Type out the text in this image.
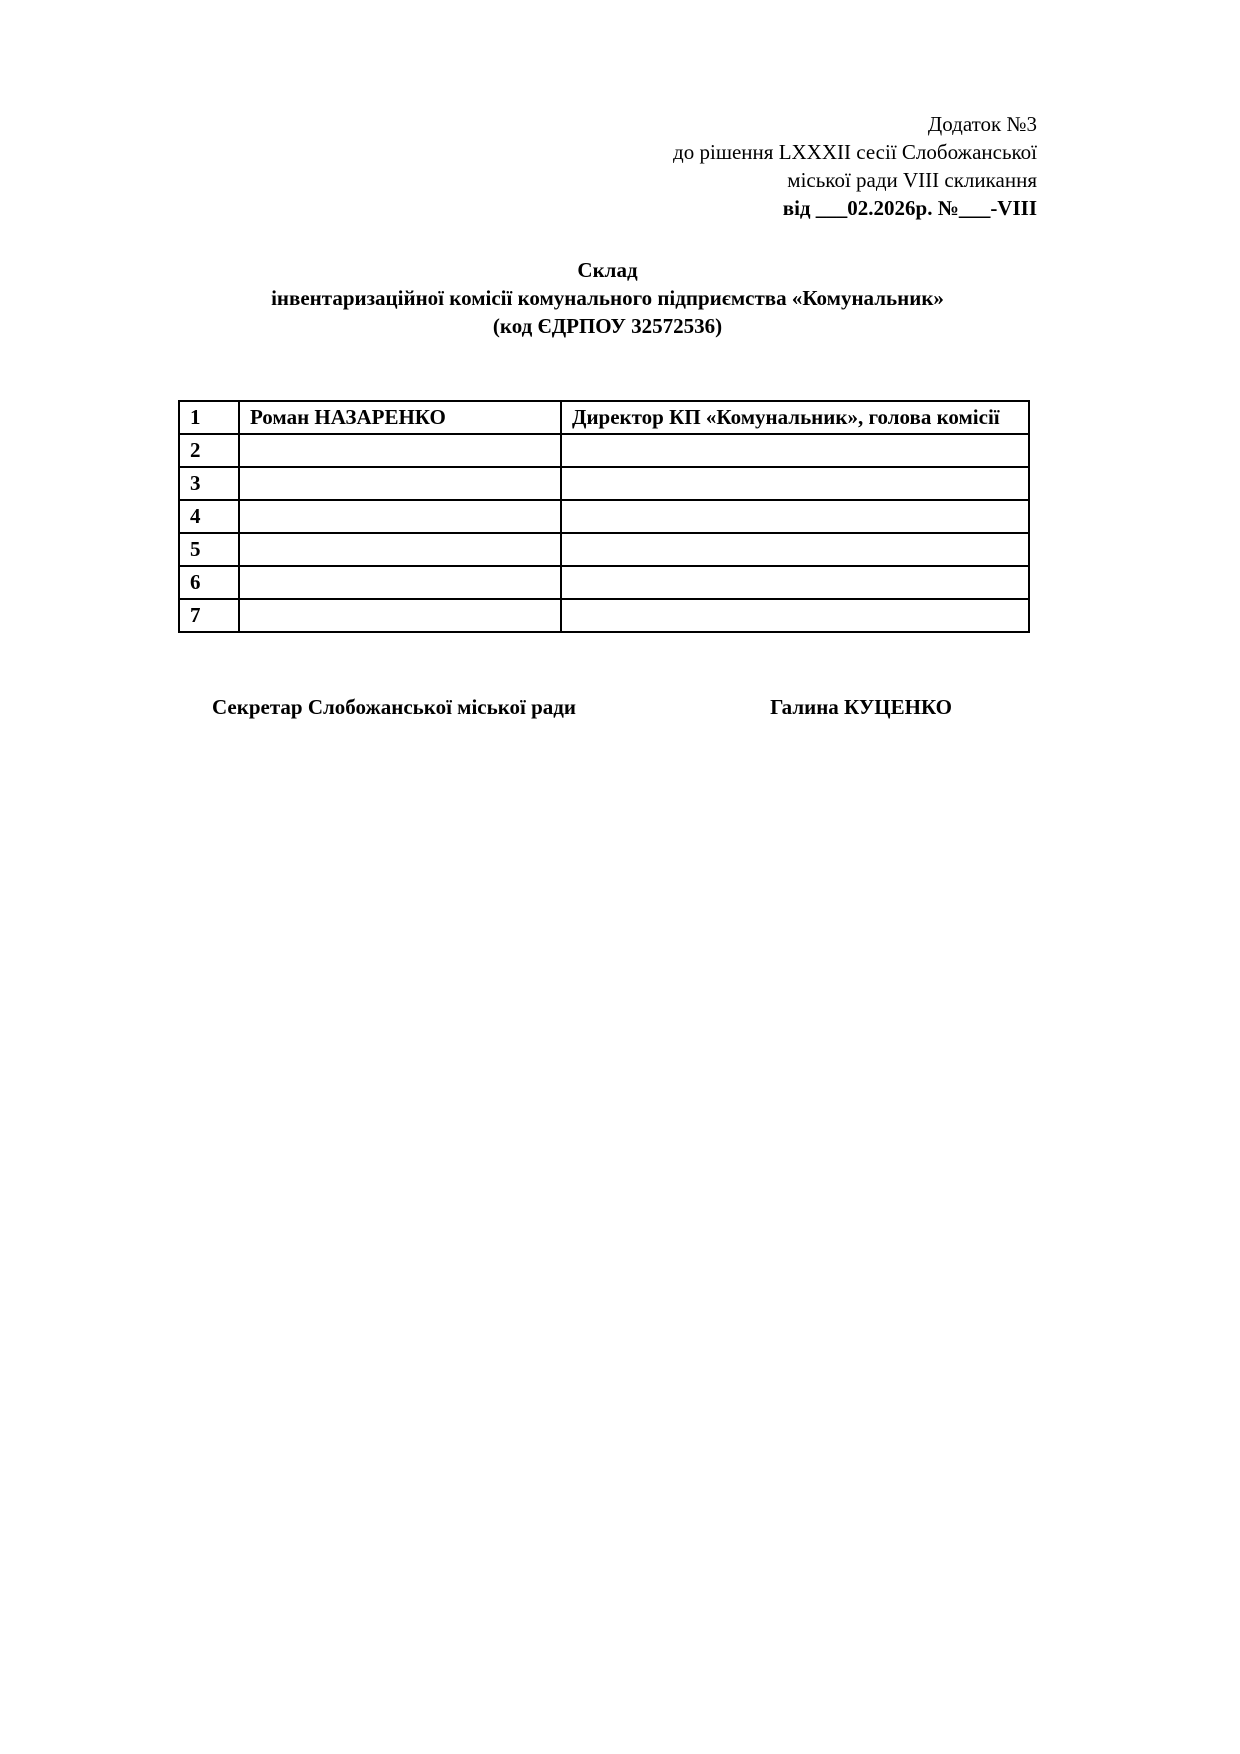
Додаток №3
до рішення LXXXII сесії Слобожанської
міської ради VIII скликання
від ___02.2026р. №___-VIII
Склад
інвентаризаційної комісії комунального підприємства «Комунальник»
(код ЄДРПОУ 32572536)
1	Роман НАЗАРЕНКО	Директор КП «Комунальник», голова комісії
2		
3		
4		
5		
6		
7		
Секретар Слобожанської міської ради	Галина КУЦЕНКО
